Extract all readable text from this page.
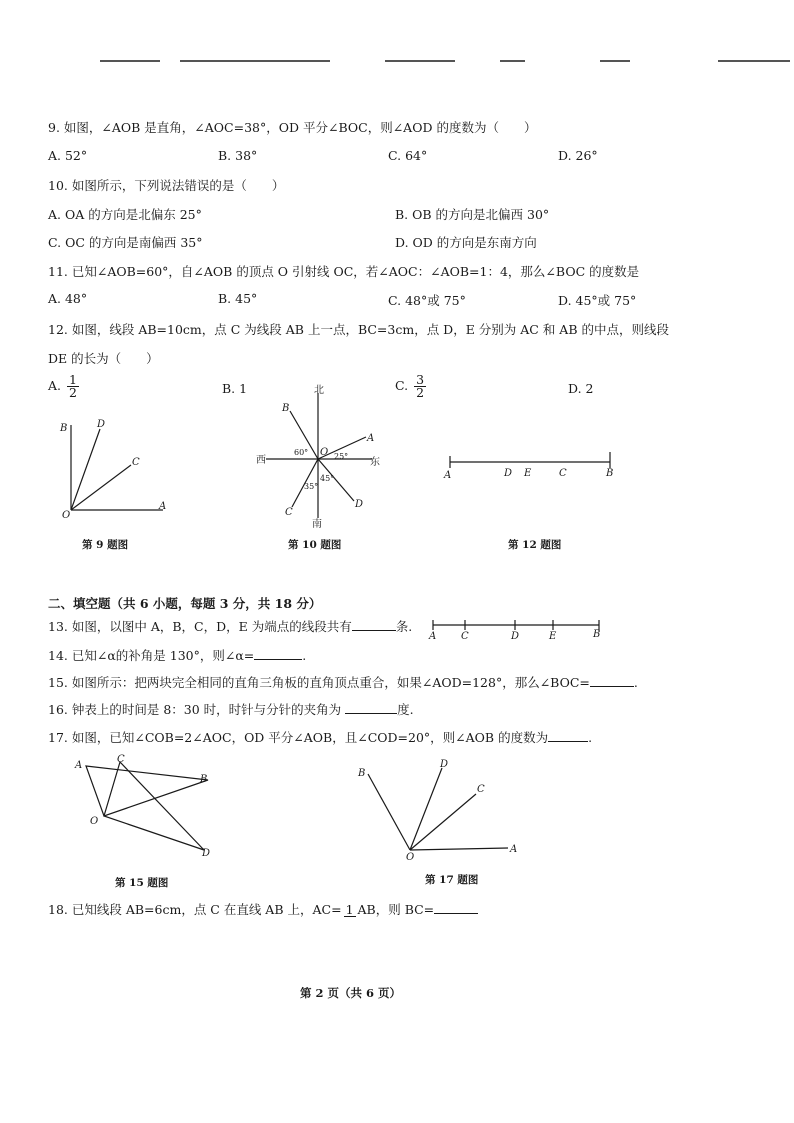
9. 如图，∠AOB 是直角，∠AOC=38°，OD 平分∠BOC，则∠AOD 的度数为（　　）
A. 52°	B. 38°	C. 64°	D. 26°
10. 如图所示，下列说法错误的是（　　）
A. OA 的方向是北偏东 25°	B. OB 的方向是北偏西 30°
C. OC 的方向是南偏西 35°	D. OD 的方向是东南方向
11. 已知∠AOB=60°，自∠AOB 的顶点 O 引射线 OC，若∠AOC：∠AOB=1：4，那么∠BOC 的度数是
A. 48°	B. 45°	C. 48°或 75°	D. 45°或 75°
12. 如图，线段 AB=10cm，点 C 为线段 AB 上一点，BC=3cm，点 D，E 分别为 AC 和 AB 的中点，则线段
DE 的长为（　　）
A. $\frac{1}{2}$	B. 1	C. $\frac{3}{2}$	D. 2
B	D
C
O
A
第 9 题图
北
南
西	东
B
A
C
D
O
60°	25°
45°
35°
第 10 题图
A	D E	C	B
第 12 题图
二、填空题（共 6 小题，每题 3 分，共 18 分）
13. 如图，以图中 A，B，C，D，E 为端点的线段共有	条.
A C	D	E	B
14. 已知∠α的补角是 130°，则∠α=	.
15. 如图所示：把两块完全相同的直角三角板的直角顶点重合，如果∠AOD=128°，那么∠BOC=	.
16. 钟表上的时间是 8：30 时，时针与分针的夹角为	度.
17. 如图，已知∠COB=2∠AOC，OD 平分∠AOB，且∠COD=20°，则∠AOB 的度数为	.
A
C
B
O
D
第 15 题图
B
D
C
O
A
第 17 题图
18. 已知线段 AB=6cm，点 C 在直线 AB 上，AC= 1 AB，则 BC=
第 2 页（共 6 页）
